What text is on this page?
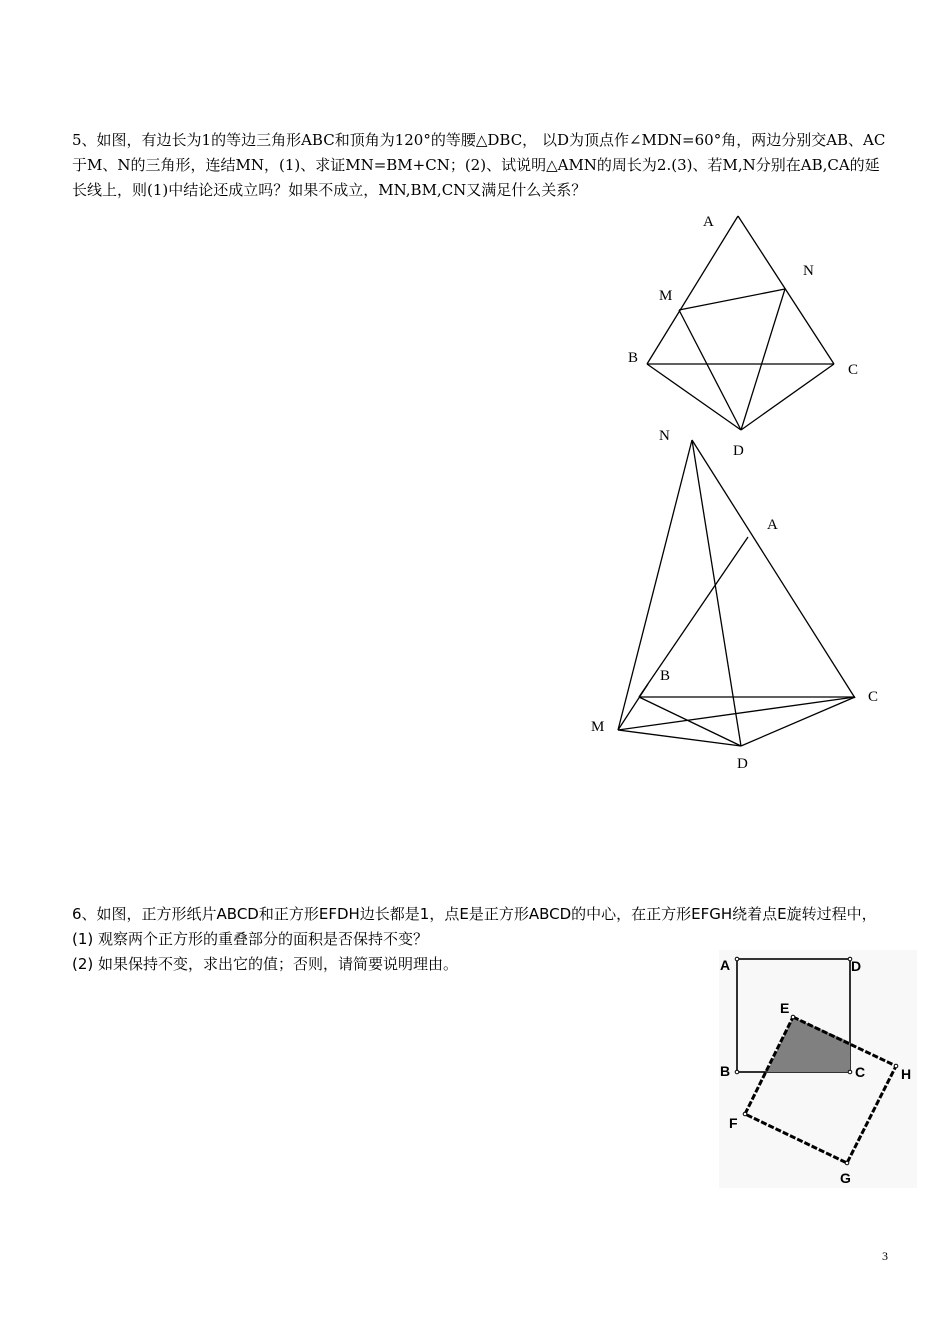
5、如图，有边长为1的等边三角形ABC和顶角为120°的等腰△DBC， 以D为顶点作∠MDN=60°角，两边分别交AB、AC于M、N的三角形，连结MN，(1)、求证MN=BM+CN；(2)、试说明△AMN的周长为2.(3)、若M,N分别在AB,CA的延长线上，则(1)中结论还成立吗？如果不成立，MN,BM,CN又满足什么关系？

A
N
M
B
C
D
N
A
B
C
M
D
6、如图，正方形纸片ABCD和正方形EFDH边长都是1，点E是正方形ABCD的中心，在正方形EFGH绕着点E旋转过程中，
(1) 观察两个正方形的重叠部分的面积是否保持不变？
(2) 如果保持不变，求出它的值；否则，请简要说明理由。	A	D
E
B	C	H
F
G
3
